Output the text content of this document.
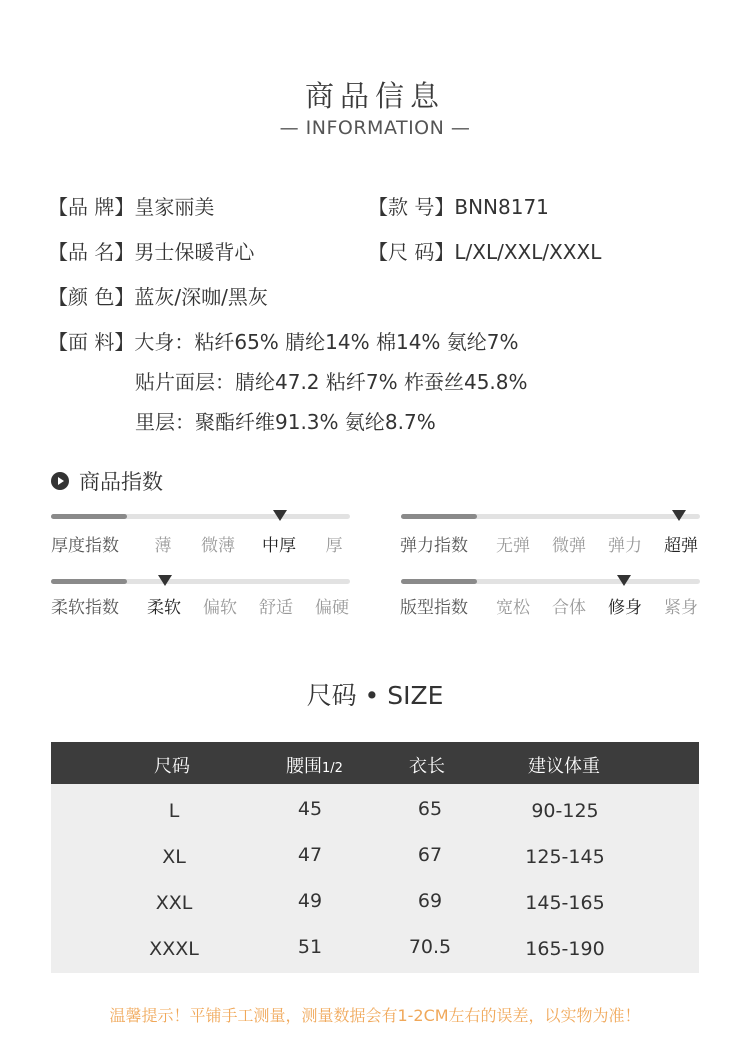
商品信息
— INFORMATION —
【品 牌】皇家丽美	【款 号】BNN8171
【品 名】男士保暖背心	【尺 码】L/XL/XXL/XXXL
【颜 色】蓝灰/深咖/黑灰
【面 料】大身：粘纤65% 腈纶14% 棉14% 氨纶7%
贴片面层：腈纶47.2 粘纤7% 柞蚕丝45.8%
里层：聚酯纤维91.3% 氨纶8.7%
商品指数
厚度指数	薄	微薄	中厚	厚	弹力指数	无弹	微弹	弹力	超弹
柔软指数	柔软	偏软	舒适	偏硬	版型指数	宽松	合体	修身	紧身
尺码 • SIZE
尺码	腰围1/2	衣长	建议体重
L	45	65	90-125
XL	47	67	125-145
XXL	49	69	145-165
XXXL	51	70.5	165-190
温馨提示！平铺手工测量，测量数据会有1-2CM左右的误差，以实物为准！
